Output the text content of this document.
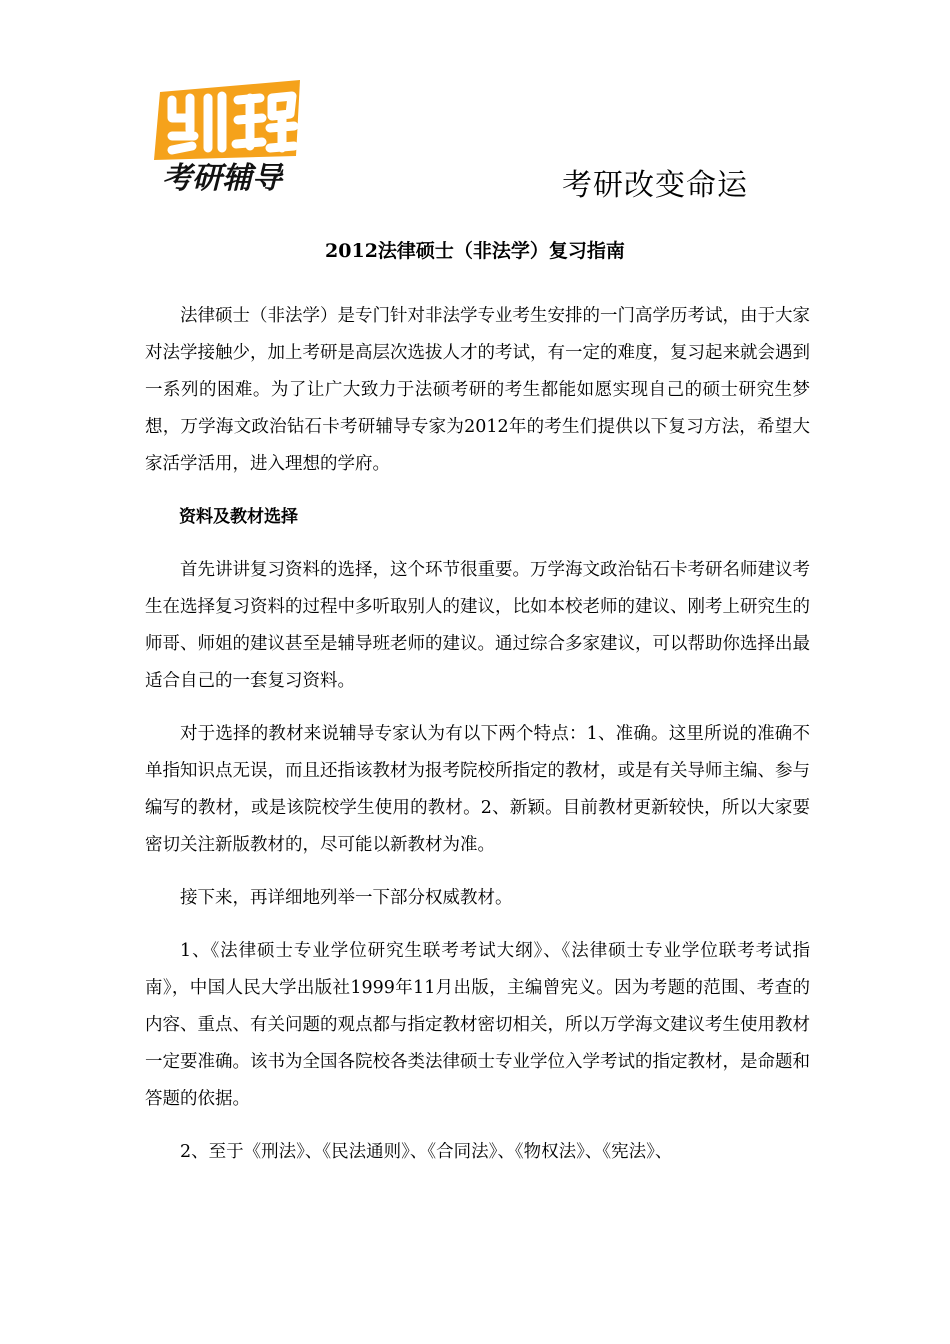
考研辅导	考研改变命运
2012法律硕士（非法学）复习指南

法律硕士（非法学）是专门针对非法学专业考生安排的一门高学历考试，由于大家对法学接触少，加上考研是高层次选拔人才的考试，有一定的难度，复习起来就会遇到一系列的困难。为了让广大致力于法硕考研的考生都能如愿实现自己的硕士研究生梦想，万学海文政治钻石卡考研辅导专家为2012年的考生们提供以下复习方法，希望大家活学活用，进入理想的学府。

资料及教材选择

首先讲讲复习资料的选择，这个环节很重要。万学海文政治钻石卡考研名师建议考生在选择复习资料的过程中多听取别人的建议，比如本校老师的建议、刚考上研究生的师哥、师姐的建议甚至是辅导班老师的建议。通过综合多家建议，可以帮助你选择出最适合自己的一套复习资料。

对于选择的教材来说辅导专家认为有以下两个特点：1、准确。这里所说的准确不单指知识点无误，而且还指该教材为报考院校所指定的教材，或是有关导师主编、参与编写的教材，或是该院校学生使用的教材。2、新颖。目前教材更新较快，所以大家要密切关注新版教材的，尽可能以新教材为准。

接下来，再详细地列举一下部分权威教材。

1、《法律硕士专业学位研究生联考考试大纲》、《法律硕士专业学位联考考试指南》，中国人民大学出版社1999年11月出版，主编曾宪义。因为考题的范围、考查的内容、重点、有关问题的观点都与指定教材密切相关，所以万学海文建议考生使用教材一定要准确。该书为全国各院校各类法律硕士专业学位入学考试的指定教材，是命题和答题的依据。

2、至于《刑法》、《民法通则》、《合同法》、《物权法》、《宪法》、
